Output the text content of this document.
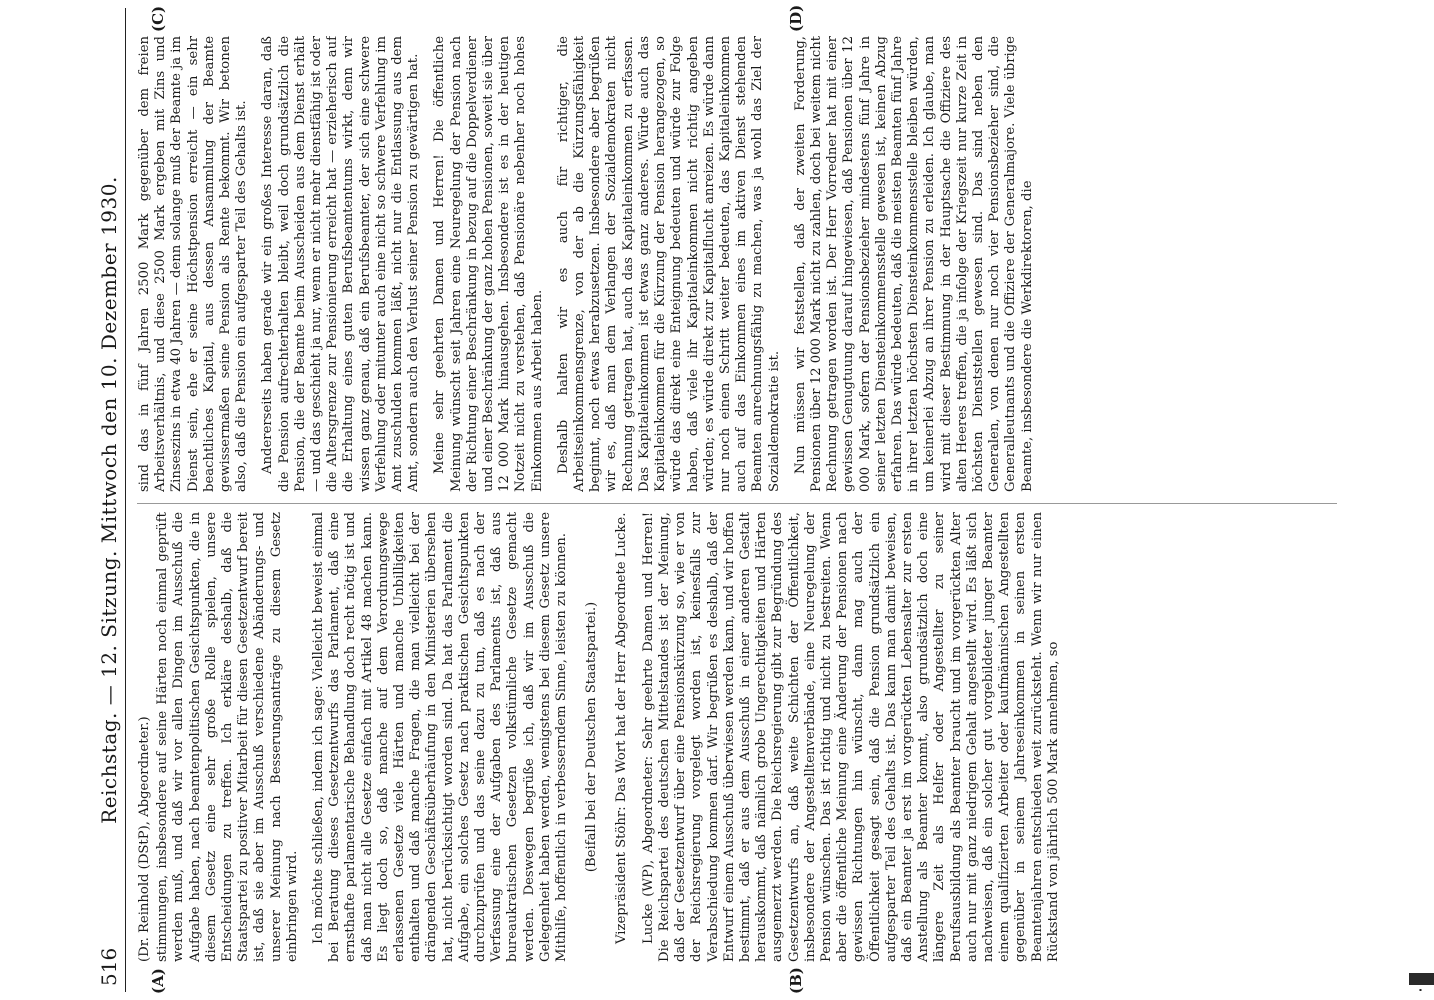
516
Reichstag. — 12. Sitzung. Mittwoch den 10. Dezember 1930.
(A)	(B)
(C)	(D)

(Dr. Reinhold (DStP), Abgeordneter.) stimmungen, insbesondere auf seine Härten noch einmal geprüft werden muß, und daß wir vor allen Dingen im Ausschuß die Aufgabe haben, nach beamtenpolitischen Gesichtspunkten, die in diesem Gesetz eine sehr große Rolle spielen, unsere Entscheidungen zu treffen. Ich erkläre deshalb, daß die Staatspartei zu positiver Mitarbeit für diesen Gesetzentwurf bereit ist, daß sie aber im Ausschuß verschiedene Abänderungs- und unserer Meinung nach Besserungsanträge zu diesem Gesetz einbringen wird. Ich möchte schließen, indem ich sage: Vielleicht beweist einmal bei Beratung dieses Gesetzentwurfs das Parlament, daß eine ernsthafte parlamentarische Behandlung doch recht nötig ist und daß man nicht alle Gesetze einfach mit Artikel 48 machen kann. Es liegt doch so, daß manche auf dem Verordnungswege erlassenen Gesetze viele Härten und manche Unbilligkeiten enthalten und daß manche Fragen, die man vielleicht bei der drängenden Geschäftsüberhäufung in den Ministerien übersehen hat, nicht berücksichtigt worden sind. Da hat das Parlament die Aufgabe, ein solches Gesetz nach praktischen Gesichtspunkten durchzuprüfen und das seine dazu zu tun, daß es nach der Verfassung eine der Aufgaben des Parlaments ist, daß aus bureaukratischen Gesetzen volkstümliche Gesetze gemacht werden. Deswegen begrüße ich, daß wir im Ausschuß die Gelegenheit haben werden, wenigstens bei diesem Gesetz unsere Mithilfe, hoffentlich in verbesserndem Sinne, leisten zu können. (Beifall bei der Deutschen Staatspartei.) Vizepräsident Stöhr: Das Wort hat der Herr Abgeordnete Lucke. Lucke (WP), Abgeordneter: Sehr geehrte Damen und Herren! Die Reichspartei des deutschen Mittelstandes ist der Meinung, daß der Gesetzentwurf über eine Pensionskürzung so, wie er von der Reichsregierung vorgelegt worden ist, keinesfalls zur Verabschiedung kommen darf. Wir begrüßen es deshalb, daß der Entwurf einem Ausschuß überwiesen werden kann, und wir hoffen bestimmt, daß er aus dem Ausschuß in einer anderen Gestalt herauskommt, daß nämlich grobe Ungerechtigkeiten und Härten ausgemerzt werden. Die Reichsregierung gibt zur Begründung des Gesetzentwurfs an, daß weite Schichten der Öffentlichkeit, insbesondere der Angestelltenverbände, eine Neuregelung der Pension wünschen. Das ist richtig und nicht zu bestreiten. Wenn aber die öffentliche Meinung eine Änderung der Pensionen nach gewissen Richtungen hin wünscht, dann mag auch der Öffentlichkeit gesagt sein, daß die Pension grundsätzlich ein aufgesparter Teil des Gehalts ist. Das kann man damit beweisen, daß ein Beamter ja erst im vorgerückten Lebensalter zur ersten Anstellung als Beamter kommt, also grundsätzlich doch eine längere Zeit als Helfer oder Angestellter zu seiner Berufsausbildung als Beamter braucht und im vorgerückten Alter auch nur mit ganz niedrigem Gehalt angestellt wird. Es läßt sich nachweisen, daß ein solcher gut vorgebildeter junger Beamter einem qualifizierten Arbeiter oder kaufmännischen Angestellten gegenüber in seinem Jahreseinkommen in seinen ersten Beamtenjahren entschieden weit zurücksteht. Wenn wir nur einen Rückstand von jährlich 500 Mark annehmen, so

sind das in fünf Jahren 2500 Mark gegenüber dem freien Arbeitsverhältnis, und diese 2500 Mark ergeben mit Zins und Zinseszins in etwa 40 Jahren — denn solange muß der Beamte ja im Dienst sein, ehe er seine Höchstpension erreicht — ein sehr beachtliches Kapital, aus dessen Ansammlung der Beamte gewissermaßen seine Pension als Rente bekommt. Wir betonen also, daß die Pension ein aufgesparter Teil des Gehalts ist. Andererseits haben gerade wir ein großes Interesse daran, daß die Pension aufrechterhalten bleibt, weil doch grundsätzlich die Pension, die der Beamte beim Ausscheiden aus dem Dienst erhält — und das geschieht ja nur, wenn er nicht mehr dienstfähig ist oder die Altersgrenze zur Pensionierung erreicht hat — erzieherisch auf die Erhaltung eines guten Berufsbeamtentums wirkt, denn wir wissen ganz genau, daß ein Berufsbeamter, der sich eine schwere Verfehlung oder mitunter auch eine nicht so schwere Verfehlung im Amt zuschulden kommen läßt, nicht nur die Entlassung aus dem Amt, sondern auch den Verlust seiner Pension zu gewärtigen hat. Meine sehr geehrten Damen und Herren! Die öffentliche Meinung wünscht seit Jahren eine Neuregelung der Pension nach der Richtung einer Beschränkung in bezug auf die Doppelverdiener und einer Beschränkung der ganz hohen Pensionen, soweit sie über 12 000 Mark hinausgehen. Insbesondere ist es in der heutigen Notzeit nicht zu verstehen, daß Pensionäre nebenher noch hohes Einkommen aus Arbeit haben. Deshalb halten wir es auch für richtiger, die Arbeitseinkommensgrenze, von der ab die Kürzungsfähigkeit beginnt, noch etwas herabzusetzen. Insbesondere aber begrüßen wir es, daß man dem Verlangen der Sozialdemokraten nicht Rechnung getragen hat, auch das Kapitaleinkommen zu erfassen. Das Kapitaleinkommen ist etwas ganz anderes. Würde auch das Kapitaleinkommen für die Kürzung der Pension herangezogen, so würde das direkt eine Enteignung bedeuten und würde zur Folge haben, daß viele ihr Kapitaleinkommen nicht richtig angeben würden; es würde direkt zur Kapitalflucht anreizen. Es würde dann nur noch einen Schritt weiter bedeuten, das Kapitaleinkommen auch auf das Einkommen eines im aktiven Dienst stehenden Beamten anrechnungsfähig zu machen, was ja wohl das Ziel der Sozialdemokratie ist. Nun müssen wir feststellen, daß der zweiten Forderung, Pensionen über 12 000 Mark nicht zu zahlen, doch bei weitem nicht Rechnung getragen worden ist. Der Herr Vorredner hat mit einer gewissen Genugtuung darauf hingewiesen, daß Pensionen über 12 000 Mark, sofern der Pensionsbezieher mindestens fünf Jahre in seiner letzten Diensteinkommensstelle gewesen ist, keinen Abzug erfahren. Das würde bedeuten, daß die meisten Beamten fünf Jahre in ihrer letzten höchsten Diensteinkommensstelle bleiben würden, um keinerlei Abzug an ihrer Pension zu erleiden. Ich glaube, man wird mit dieser Bestimmung in der Hauptsache die Offiziere des alten Heeres treffen, die ja infolge der Kriegszeit nur kurze Zeit in höchsten Dienststellen gewesen sind. Das sind neben den Generalen, von denen nur noch vier Pensionsbezieher sind, die Generalleutnants und die Offiziere der Generalmajore. Viele übrige Beamte, insbesondere die Werkdirektoren, die

·
